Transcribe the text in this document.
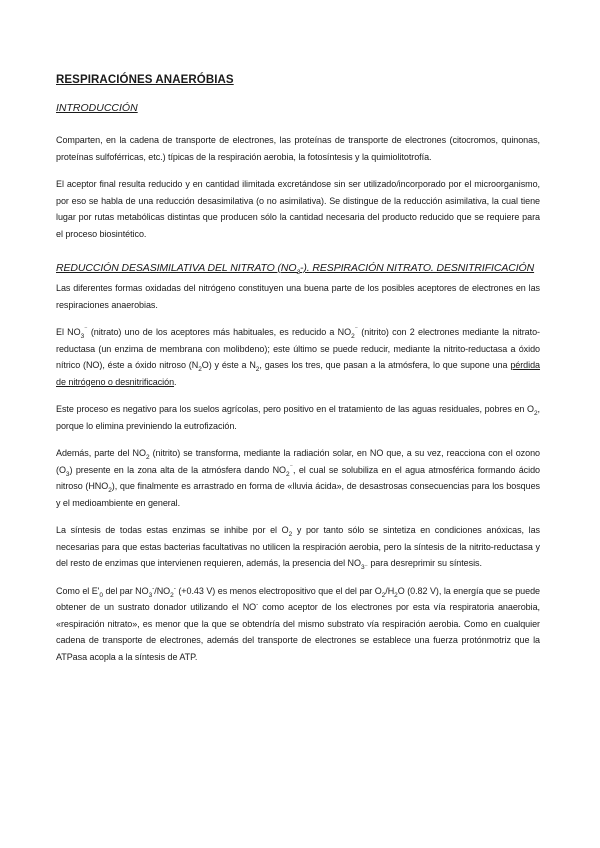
RESPIRACIÓNES ANAERÓBIAS
INTRODUCCIÓN

Comparten, en la cadena de transporte de electrones, las proteínas de transporte de electrones (citocromos, quinonas, proteínas sulfoférricas, etc.) típicas de la respiración aerobia, la fotosíntesis y la quimiolitotrofía.

El aceptor final resulta reducido y en cantidad ilimitada excretándose sin ser utilizado/incorporado por el microorganismo, por eso se habla de una reducción desasimilativa (o no asimilativa). Se distingue de la reducción asimilativa, la cual tiene lugar por rutas metabólicas distintas que producen sólo la cantidad necesaria del producto reducido que se requiere para el proceso biosintético.

REDUCCIÓN DESASIMILATIVA DEL NITRATO $(NO_3-)$. RESPIRACIÓN NITRATO. DESNITRIFICACIÓN

Las diferentes formas oxidadas del nitrógeno constituyen una buena parte de los posibles aceptores de electrones en las respiraciones anaerobias.

El $NO_3^{^-}$ (nitrato) uno de los aceptores más habituales, es reducido a $NO_2^{^-}$ (nitrito) con 2 electrones mediante la nitrato-reductasa (un enzima de membrana con molibdeno); este último se puede reducir, mediante la nitrito-reductasa a óxido nítrico (NO), éste a óxido nitroso $(N_2O)$ y éste a $N_2$, gases los tres, que pasan a la atmósfera, lo que supone una pérdida de nitrógeno o desnitrificación.

Este proceso es negativo para los suelos agrícolas, pero positivo en el tratamiento de las aguas residuales, pobres en $O_2$, porque lo elimina previniendo la eutrofización.

Además, parte del $NO_2$ (nitrito) se transforma, mediante la radiación solar, en NO que, a su vez, reacciona con el ozono $(O_3)$ presente en la zona alta de la atmósfera dando $NO_2^{^-}$, el cual se solubiliza en el agua atmosférica formando ácido nitroso $(HNO_2)$, que finalmente es arrastrado en forma de «lluvia ácida», de desastrosas consecuencias para los bosques y el medioambiente en general.

La síntesis de todas estas enzimas se inhibe por el $O_2$ y por tanto sólo se sintetiza en condiciones anóxicas, las necesarias para que estas bacterias facultativas no utilicen la respiración aerobia, pero la síntesis de la nitrito-reductasa y del resto de enzimas que intervienen requieren, además, la presencia del $NO_{3^-}$ para desreprimir su síntesis.

Como el $E'_0$ del par $NO_3^-/NO_2^-$ (+0.43 V) es menos electropositivo que el del par $O_2/H_2O$ (0.82 V), la energía que se puede obtener de un sustrato donador utilizando el NO- como aceptor de los electrones por esta vía respiratoria anaerobia, «respiración nitrato», es menor que la que se obtendría del mismo substrato vía respiración aerobia. Como en cualquier cadena de transporte de electrones, además del transporte de electrones se establece una fuerza protónmotriz que la ATPasa acopla a la síntesis de ATP.
